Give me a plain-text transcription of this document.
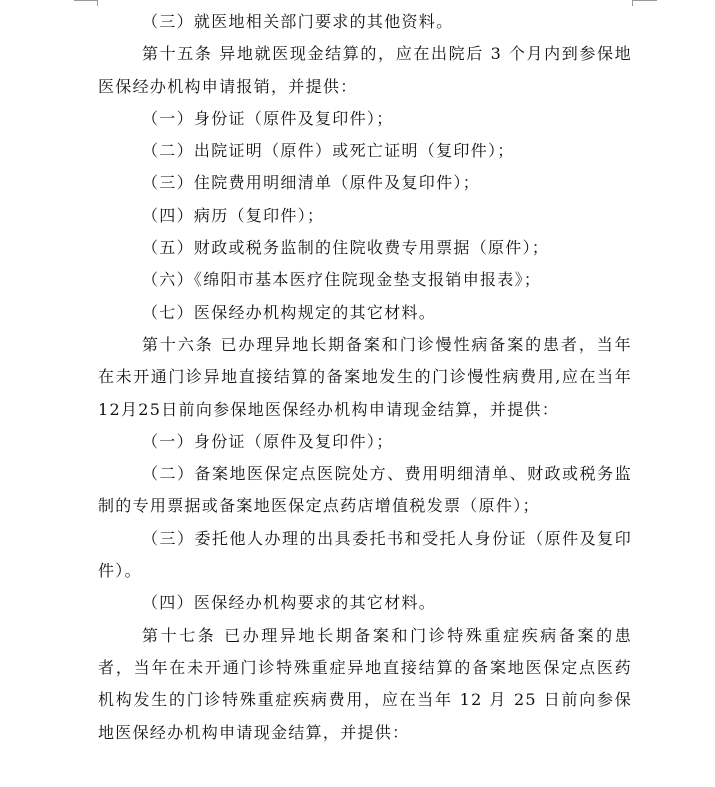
（三）就医地相关部门要求的其他资料。

第十五条 异地就医现金结算的，应在出院后 3 个月内到参保地医保经办机构申请报销，并提供：

（一）身份证（原件及复印件）；

（二）出院证明（原件）或死亡证明（复印件）；

（三）住院费用明细清单（原件及复印件）；

（四）病历（复印件）；

（五）财政或税务监制的住院收费专用票据（原件）；

（六）《绵阳市基本医疗住院现金垫支报销申报表》；

（七）医保经办机构规定的其它材料。

第十六条 已办理异地长期备案和门诊慢性病备案的患者，当年在未开通门诊异地直接结算的备案地发生的门诊慢性病费用,应在当年12月25日前向参保地医保经办机构申请现金结算，并提供：

（一）身份证（原件及复印件）；

（二）备案地医保定点医院处方、费用明细清单、财政或税务监制的专用票据或备案地医保定点药店增值税发票（原件）；

（三）委托他人办理的出具委托书和受托人身份证（原件及复印件）。

（四）医保经办机构要求的其它材料。

第十七条 已办理异地长期备案和门诊特殊重症疾病备案的患者，当年在未开通门诊特殊重症异地直接结算的备案地医保定点医药机构发生的门诊特殊重症疾病费用，应在当年 12 月 25 日前向参保地医保经办机构申请现金结算，并提供：
